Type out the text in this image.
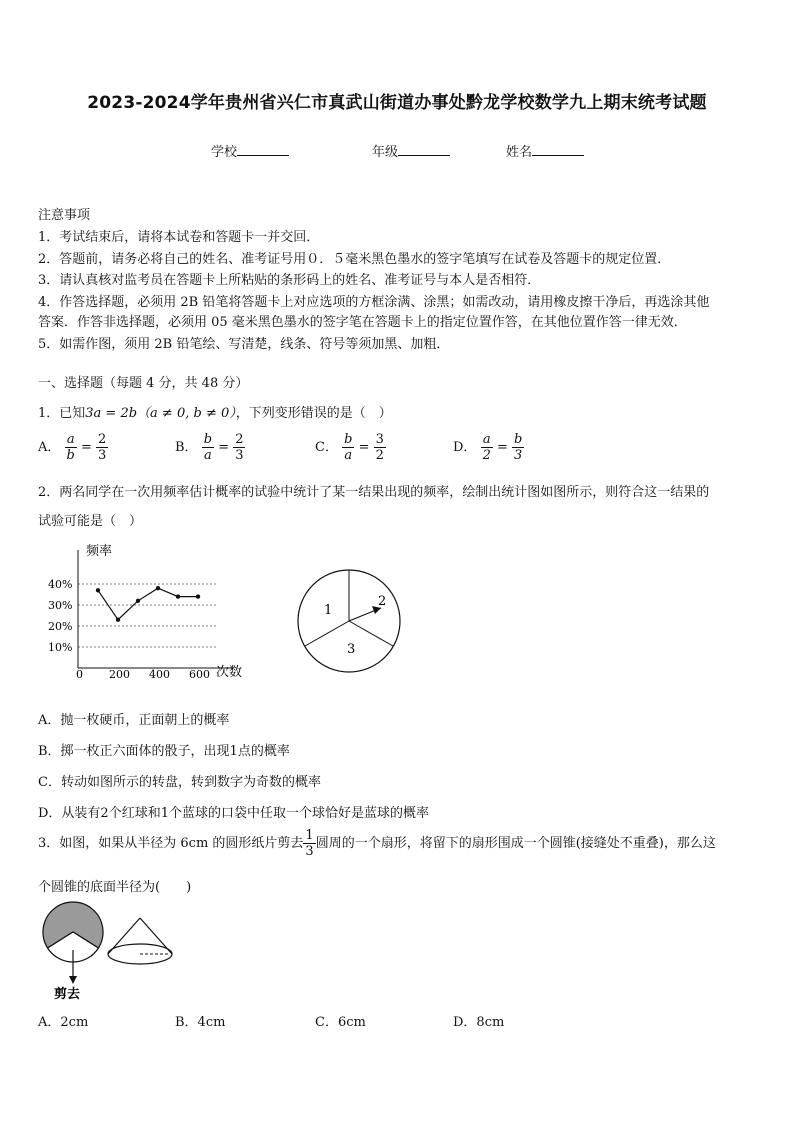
2023-2024学年贵州省兴仁市真武山街道办事处黔龙学校数学九上期末统考试题
学校	年级	姓名
注意事项
1．考试结束后，请将本试卷和答题卡一并交回．
2．答题前，请务必将自己的姓名、准考证号用０．５毫米黑色墨水的签字笔填写在试卷及答题卡的规定位置．
3．请认真核对监考员在答题卡上所粘贴的条形码上的姓名、准考证号与本人是否相符．
4．作答选择题，必须用 2B 铅笔将答题卡上对应选项的方框涂满、涂黑；如需改动，请用橡皮擦干净后，再选涂其他
答案．作答非选择题，必须用 05 毫米黑色墨水的签字笔在答题卡上的指定位置作答，在其他位置作答一律无效．
5．如需作图，须用 2B 铅笔绘、写清楚，线条、符号等须加黑、加粗．
一、选择题（每题 4 分，共 48 分）
1．已知3a = 2b（a ≠ 0, b ≠ 0），下列变形错误的是（　）
A． $\frac{a}{b} = \frac{2}{3}$	B． $\frac{b}{a} = \frac{2}{3}$	C． $\frac{b}{a} = \frac{3}{2}$	D． $\frac{a}{2} = \frac{b}{3}$
2．两名同学在一次用频率估计概率的试验中统计了某一结果出现的频率，绘制出统计图如图所示，则符合这一结果的
试验可能是（　）
频率
次数
10%
20%
30%
40%
0 200 400 600
1
2
3
A．抛一枚硬币，正面朝上的概率
B．掷一枚正六面体的骰子，出现1点的概率
C．转动如图所示的转盘，转到数字为奇数的概率
D．从装有2个红球和1个蓝球的口袋中任取一个球恰好是蓝球的概率
3．如图，如果从半径为 6cm 的圆形纸片剪去 $\frac{1}{3}$ 圆周的一个扇形，将留下的扇形围成一个圆锥(接缝处不重叠)，那么这
个圆锥的底面半径为(　　)
剪去
A．2cm	B．4cm	C．6cm	D．8cm
